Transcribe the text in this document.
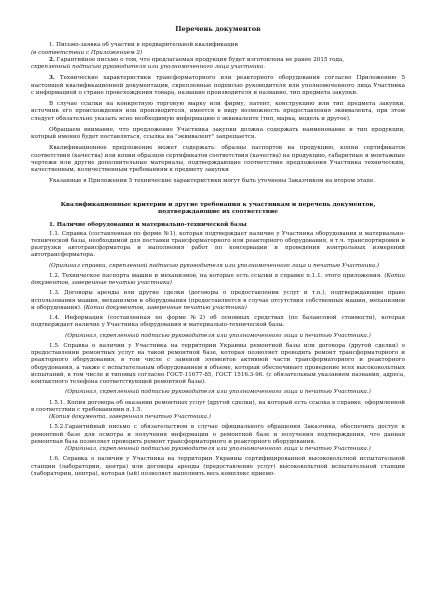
Перечень документов

1. Письмо-заявка об участии в предварительной квалификации

(в соответствии с Приложением 2)

2. Гарантийное письмо о том, что предлагаемая продукция будет изготовлена не ранее 2015 года,

скрепленный подписью руководителя или уполномоченного лица участника.

3. Технические характеристики трансформаторного или реакторного оборудования согласно Приложению 5 настоящей квалификационной документации, скрепленные подписью руководителя или уполномоченного лица Участника с информацией о стране происхождения товара, название производителя и название, тип предмета закупки.

В случае ссылки на конкретную торговую марку или фирму, патент, конструкцию или тип предмета закупки, источник его происхождения или производителя, имеется в виду возможность предоставления эквивалента, при этом следует обязательно указать ясно необходимую информацию о эквиваленте (тип, марка, модель и другое).

Обращаем внимание, что предложение Участника закупки должна содержать наименование и тип продукции, который именно будет поставляться, ссылка на "эквивалент" запрещается.

Квалификационное предложение может содержать: образцы паспортов на продукцию, копии сертификатов соответствия (качества) или копии образцов сертификатов соответствия (качества) на продукцию, габаритные и монтажные чертежи или другие дополнительные материалы, подтверждающие соответствие предложения Участника техническим, качественным, количественным требованиям к предмету закупки

Указанные в Приложении 5 технические характеристики могут быть уточнены Заказчиком на втором этапе.

Квалификационные критерии и другие требования к участникам и перечень документов, подтверждающие их соответствие

1. Наличие оборудования и материально-технической базы

1.1. Справка (составленная по форме №1), которая подтверждает наличие у Участника оборудования и материально-технической базы, необходимой для поставки трансформаторного или реакторного оборудования, в т.ч. транспортировки и разгрузки автотрансформатора и выполнения работ по консервации и проведения контрольных измерений автотрансформатора.

(Оригинал справки, скрепленной подписью руководителя или уполномоченного лица и печатью Участника.)

1.2. Техническое паспорта машин и механизмов, на которые есть ссылки в справке п.1.1. этого приложения. (Копии документов, заверенные печатью участника)

1.3. Договоры аренды или другие сделки (договоры о предоставлении услуг и т.п.), подтверждающие право использования машин, механизмов и оборудования (предоставляется в случае отсутствия собственных машин, механизмов и оборудования). (Копии документов, заверенные печатью участника)

1.4. Информация (составленная по форме №2) об основных средствах (по балансовой стоимости), которая подтверждает наличие у Участника оборудования и материально-технической базы.

(Оригинал, скрепленный подписью руководителя или уполномоченного лица и печатью Участника.)

1.5. Справка о наличии у Участника на территории Украины ремонтной базы или договора (другой сделки) о предоставлении ремонтных услуг на такой ремонтной базе, которая позволяет проводить ремонт трансформаторного и реакторного оборудования, в том числе с заменой элементов активной части трансформаторного и реакторного оборудования, а также с испытательным оборудованием в объеме, который обеспечивает проведение всех высоковольтных испытаний, в том числе и типовых согласно ГОСТ-11677-85, ГОСТ 1516.3-96. (с обязательным указанием названия, адреса, контактного телефона соответствующей ремонтной базы).

(Оригинал, скрепленный подписью руководителя или уполномоченного лица и печатью Участника.)

1.5.1. Копия договора об оказании ремонтных услуг (другой сделки), на который есть ссылка в справке, оформленной в соответствии с требованиями п.1.5.

(Копия документа, заверенная печатью Участника.)

1.5.2.Гарантийный письмо с обязательством в случае официального обращения Заказчика, обеспечить доступ к ремонтной базе для осмотра и получения информации о ремонтной базе и получения подтверждения, что данная ремонтная база позволяет проводить ремонт трансформаторного и реакторного оборудования.

(Оригинал, скрепленный подписью руководителя или уполномоченного лица и печатью Участника.)

1.6. Справка о наличии у Участника на территории Украины сертифицированной высоковольтной испытательной станции (лаборатории, центра) или договора аренды (предоставление услуг) высоковольтной испытательной станции (лаборатории, центра), которая (ый) позволяет выполнить весь комплекс приемо-
